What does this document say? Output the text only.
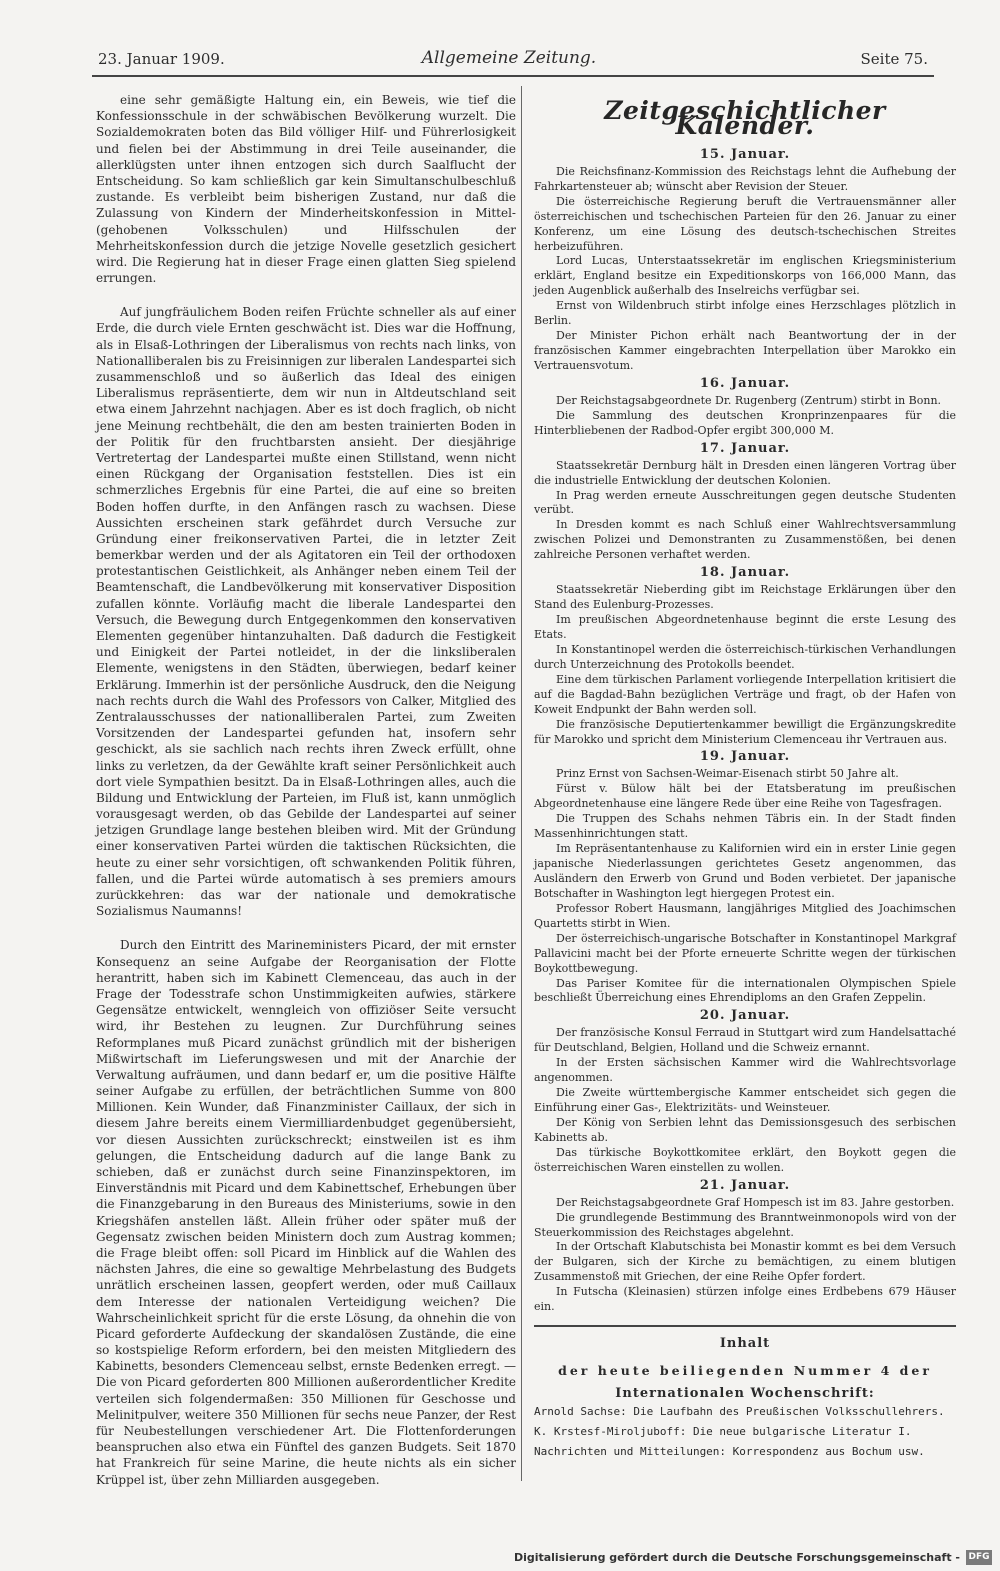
23. Januar 1909.	Allgemeine Zeitung.	Seite 75.

eine sehr gemäßigte Haltung ein, ein Beweis, wie tief die Konfessionsschule in der schwäbischen Bevölkerung wurzelt. Die Sozialdemokraten boten das Bild völliger Hilf- und Führerlosigkeit und fielen bei der Abstimmung in drei Teile auseinander, die allerklügsten unter ihnen entzogen sich durch Saalflucht der Entscheidung. So kam schließlich gar kein Simultanschulbeschluß zustande. Es verbleibt beim bisherigen Zustand, nur daß die Zulassung von Kindern der Minderheitskonfession in Mittel- (gehobenen Volksschulen) und Hilfsschulen der Mehrheitskonfession durch die jetzige Novelle gesetzlich gesichert wird. Die Regierung hat in dieser Frage einen glatten Sieg spielend errungen.

Auf jungfräulichem Boden reifen Früchte schneller als auf einer Erde, die durch viele Ernten geschwächt ist. Dies war die Hoffnung, als in Elsaß-Lothringen der Liberalismus von rechts nach links, von Nationalliberalen bis zu Freisinnigen zur liberalen Landespartei sich zusammenschloß und so äußerlich das Ideal des einigen Liberalismus repräsentierte, dem wir nun in Altdeutschland seit etwa einem Jahrzehnt nachjagen. Aber es ist doch fraglich, ob nicht jene Meinung rechtbehält, die den am besten trainierten Boden in der Politik für den fruchtbarsten ansieht. Der diesjährige Vertretertag der Landespartei mußte einen Stillstand, wenn nicht einen Rückgang der Organisation feststellen. Dies ist ein schmerzliches Ergebnis für eine Partei, die auf eine so breiten Boden hoffen durfte, in den Anfängen rasch zu wachsen. Diese Aussichten erscheinen stark gefährdet durch Versuche zur Gründung einer freikonservativen Partei, die in letzter Zeit bemerkbar werden und der als Agitatoren ein Teil der orthodoxen protestantischen Geistlichkeit, als Anhänger neben einem Teil der Beamtenschaft, die Landbevölkerung mit konservativer Disposition zufallen könnte. Vorläufig macht die liberale Landespartei den Versuch, die Bewegung durch Entgegenkommen den konservativen Elementen gegenüber hintanzuhalten. Daß dadurch die Festigkeit und Einigkeit der Partei notleidet, in der die linksliberalen Elemente, wenigstens in den Städten, überwiegen, bedarf keiner Erklärung. Immerhin ist der persönliche Ausdruck, den die Neigung nach rechts durch die Wahl des Professors von Calker, Mitglied des Zentralausschusses der nationalliberalen Partei, zum Zweiten Vorsitzenden der Landespartei gefunden hat, insofern sehr geschickt, als sie sachlich nach rechts ihren Zweck erfüllt, ohne links zu verletzen, da der Gewählte kraft seiner Persönlichkeit auch dort viele Sympathien besitzt. Da in Elsaß-Lothringen alles, auch die Bildung und Entwicklung der Parteien, im Fluß ist, kann unmöglich vorausgesagt werden, ob das Gebilde der Landespartei auf seiner jetzigen Grundlage lange bestehen bleiben wird. Mit der Gründung einer konservativen Partei würden die taktischen Rücksichten, die heute zu einer sehr vorsichtigen, oft schwankenden Politik führen, fallen, und die Partei würde automatisch à ses premiers amours zurückkehren: das war der nationale und demokratische Sozialismus Naumanns!

Durch den Eintritt des Marineministers Picard, der mit ernster Konsequenz an seine Aufgabe der Reorganisation der Flotte herantritt, haben sich im Kabinett Clemenceau, das auch in der Frage der Todesstrafe schon Unstimmigkeiten aufwies, stärkere Gegensätze entwickelt, wenngleich von offiziöser Seite versucht wird, ihr Bestehen zu leugnen. Zur Durchführung seines Reformplanes muß Picard zunächst gründlich mit der bisherigen Mißwirtschaft im Lieferungswesen und mit der Anarchie der Verwaltung aufräumen, und dann bedarf er, um die positive Hälfte seiner Aufgabe zu erfüllen, der beträchtlichen Summe von 800 Millionen. Kein Wunder, daß Finanzminister Caillaux, der sich in diesem Jahre bereits einem Viermilliardenbudget gegenübersieht, vor diesen Aussichten zurückschreckt; einstweilen ist es ihm gelungen, die Entscheidung dadurch auf die lange Bank zu schieben, daß er zunächst durch seine Finanzinspektoren, im Einverständnis mit Picard und dem Kabinettschef, Erhebungen über die Finanzgebarung in den Bureaus des Ministeriums, sowie in den Kriegshäfen anstellen läßt. Allein früher oder später muß der Gegensatz zwischen beiden Ministern doch zum Austrag kommen; die Frage bleibt offen: soll Picard im Hinblick auf die Wahlen des nächsten Jahres, die eine so gewaltige Mehrbelastung des Budgets unrätlich erscheinen lassen, geopfert werden, oder muß Caillaux dem Interesse der nationalen Verteidigung weichen? Die Wahrscheinlichkeit spricht für die erste Lösung, da ohnehin die von Picard geforderte Aufdeckung der skandalösen Zustände, die eine so kostspielige Reform erfordern, bei den meisten Mitgliedern des Kabinetts, besonders Clemenceau selbst, ernste Bedenken erregt. — Die von Picard geforderten 800 Millionen außerordentlicher Kredite verteilen sich folgendermaßen: 350 Millionen für Geschosse und Melinitpulver, weitere 350 Millionen für sechs neue Panzer, der Rest für Neubestellungen verschiedener Art. Die Flottenforderungen beanspruchen also etwa ein Fünftel des ganzen Budgets. Seit 1870 hat Frankreich für seine Marine, die heute nichts als ein sicher Krüppel ist, über zehn Milliarden ausgegeben.

Zeitgeschichtlicher Kalender.
15. Januar.

Die Reichsfinanz-Kommission des Reichstags lehnt die Aufhebung der Fahrkartensteuer ab; wünscht aber Revision der Steuer.

Die österreichische Regierung beruft die Vertrauensmänner aller österreichischen und tschechischen Parteien für den 26. Januar zu einer Konferenz, um eine Lösung des deutsch-tschechischen Streites herbeizuführen.

Lord Lucas, Unterstaatssekretär im englischen Kriegsministerium erklärt, England besitze ein Expeditionskorps von 166,000 Mann, das jeden Augenblick außerhalb des Inselreichs verfügbar sei.

Ernst von Wildenbruch stirbt infolge eines Herzschlages plötzlich in Berlin.

Der Minister Pichon erhält nach Beantwortung der in der französischen Kammer eingebrachten Interpellation über Marokko ein Vertrauensvotum.

16. Januar.

Der Reichstagsabgeordnete Dr. Rugenberg (Zentrum) stirbt in Bonn.

Die Sammlung des deutschen Kronprinzenpaares für die Hinterbliebenen der Radbod-Opfer ergibt 300,000 M.

17. Januar.

Staatssekretär Dernburg hält in Dresden einen längeren Vortrag über die industrielle Entwicklung der deutschen Kolonien.

In Prag werden erneute Ausschreitungen gegen deutsche Studenten verübt.

In Dresden kommt es nach Schluß einer Wahlrechtsversammlung zwischen Polizei und Demonstranten zu Zusammenstößen, bei denen zahlreiche Personen verhaftet werden.

18. Januar.

Staatssekretär Nieberding gibt im Reichstage Erklärungen über den Stand des Eulenburg-Prozesses.

Im preußischen Abgeordnetenhause beginnt die erste Lesung des Etats.

In Konstantinopel werden die österreichisch-türkischen Verhandlungen durch Unterzeichnung des Protokolls beendet.

Eine dem türkischen Parlament vorliegende Interpellation kritisiert die auf die Bagdad-Bahn bezüglichen Verträge und fragt, ob der Hafen von Koweit Endpunkt der Bahn werden soll.

Die französische Deputiertenkammer bewilligt die Ergänzungskredite für Marokko und spricht dem Ministerium Clemenceau ihr Vertrauen aus.

19. Januar.

Prinz Ernst von Sachsen-Weimar-Eisenach stirbt 50 Jahre alt.

Fürst v. Bülow hält bei der Etatsberatung im preußischen Abgeordnetenhause eine längere Rede über eine Reihe von Tagesfragen.

Die Truppen des Schahs nehmen Täbris ein. In der Stadt finden Massenhinrichtungen statt.

Im Repräsentantenhause zu Kalifornien wird ein in erster Linie gegen japanische Niederlassungen gerichtetes Gesetz angenommen, das Ausländern den Erwerb von Grund und Boden verbietet. Der japanische Botschafter in Washington legt hiergegen Protest ein.

Professor Robert Hausmann, langjähriges Mitglied des Joachimschen Quartetts stirbt in Wien.

Der österreichisch-ungarische Botschafter in Konstantinopel Markgraf Pallavicini macht bei der Pforte erneuerte Schritte wegen der türkischen Boykottbewegung.

Das Pariser Komitee für die internationalen Olympischen Spiele beschließt Überreichung eines Ehrendiploms an den Grafen Zeppelin.

20. Januar.

Der französische Konsul Ferraud in Stuttgart wird zum Handelsattaché für Deutschland, Belgien, Holland und die Schweiz ernannt.

In der Ersten sächsischen Kammer wird die Wahlrechtsvorlage angenommen.

Die Zweite württembergische Kammer entscheidet sich gegen die Einführung einer Gas-, Elektrizitäts- und Weinsteuer.

Der König von Serbien lehnt das Demissionsgesuch des serbischen Kabinetts ab.

Das türkische Boykottkomitee erklärt, den Boykott gegen die österreichischen Waren einstellen zu wollen.

21. Januar.

Der Reichstagsabgeordnete Graf Hompesch ist im 83. Jahre gestorben.

Die grundlegende Bestimmung des Branntweinmonopols wird von der Steuerkommission des Reichstages abgelehnt.

In der Ortschaft Klabutschista bei Monastir kommt es bei dem Versuch der Bulgaren, sich der Kirche zu bemächtigen, zu einem blutigen Zusammenstoß mit Griechen, der eine Reihe Opfer fordert.

In Futscha (Kleinasien) stürzen infolge eines Erdbebens 679 Häuser ein.

Inhalt
der heute beiliegenden Nummer 4 der
Internationalen Wochenschrift:

Arnold Sachse: Die Laufbahn des Preußischen Volksschullehrers.

K. Krstesf-Miroljuboff: Die neue bulgarische Literatur I.

Nachrichten und Mitteilungen: Korrespondenz aus Bochum usw.

Digitalisierung gefördert durch die Deutsche Forschungsgemeinschaft - DFG
